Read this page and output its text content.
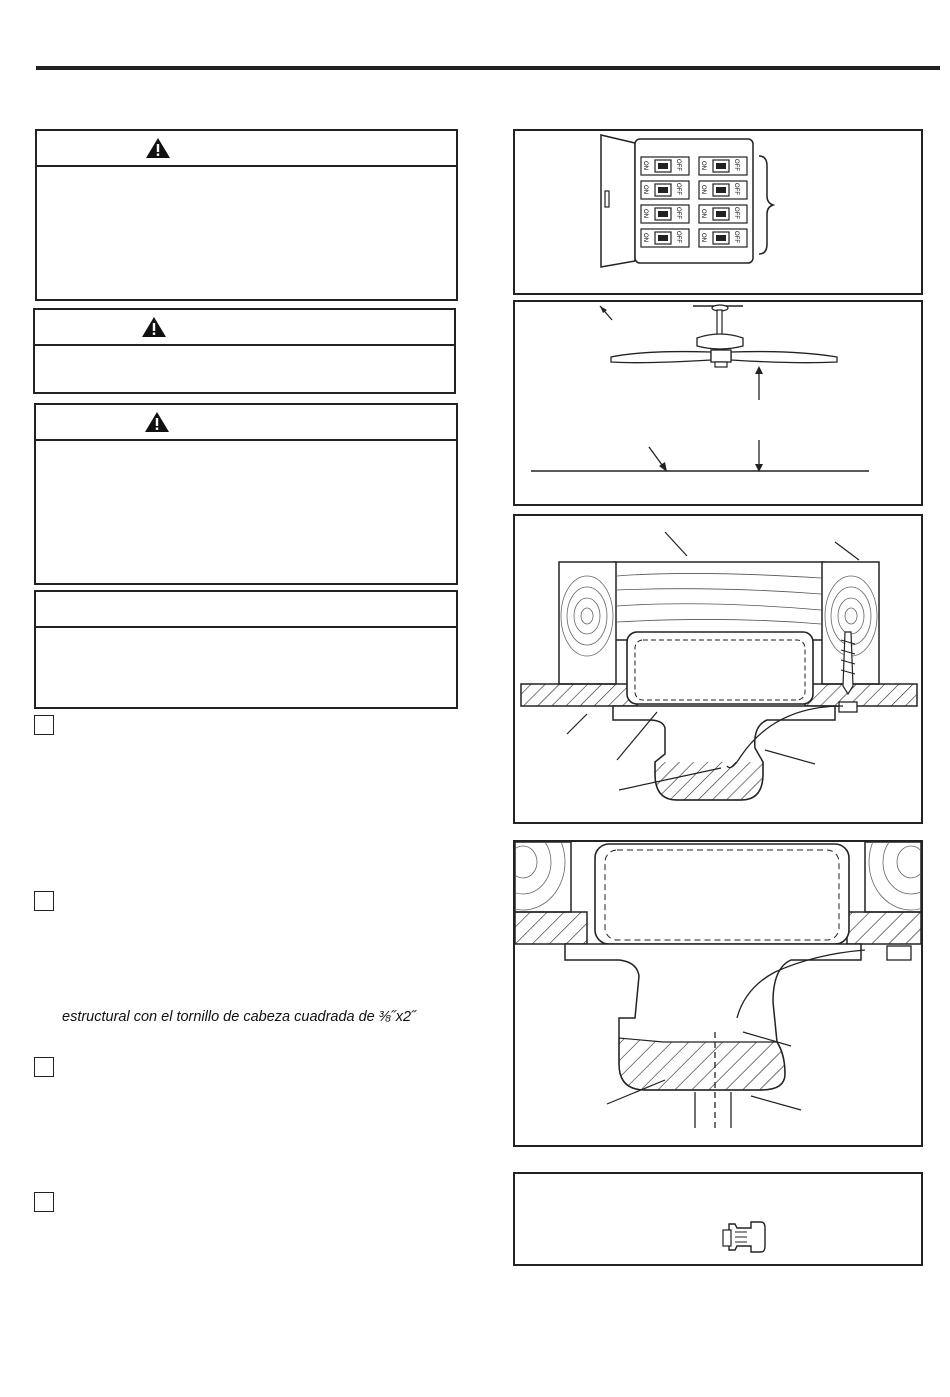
estructural con el tornillo de cabeza cuadrada de ⅜˝x2˝
ON	OFF
ON	OFF
ON	OFF
ON	OFF
ON	OFF
ON	OFF
ON	OFF
ON	OFF
